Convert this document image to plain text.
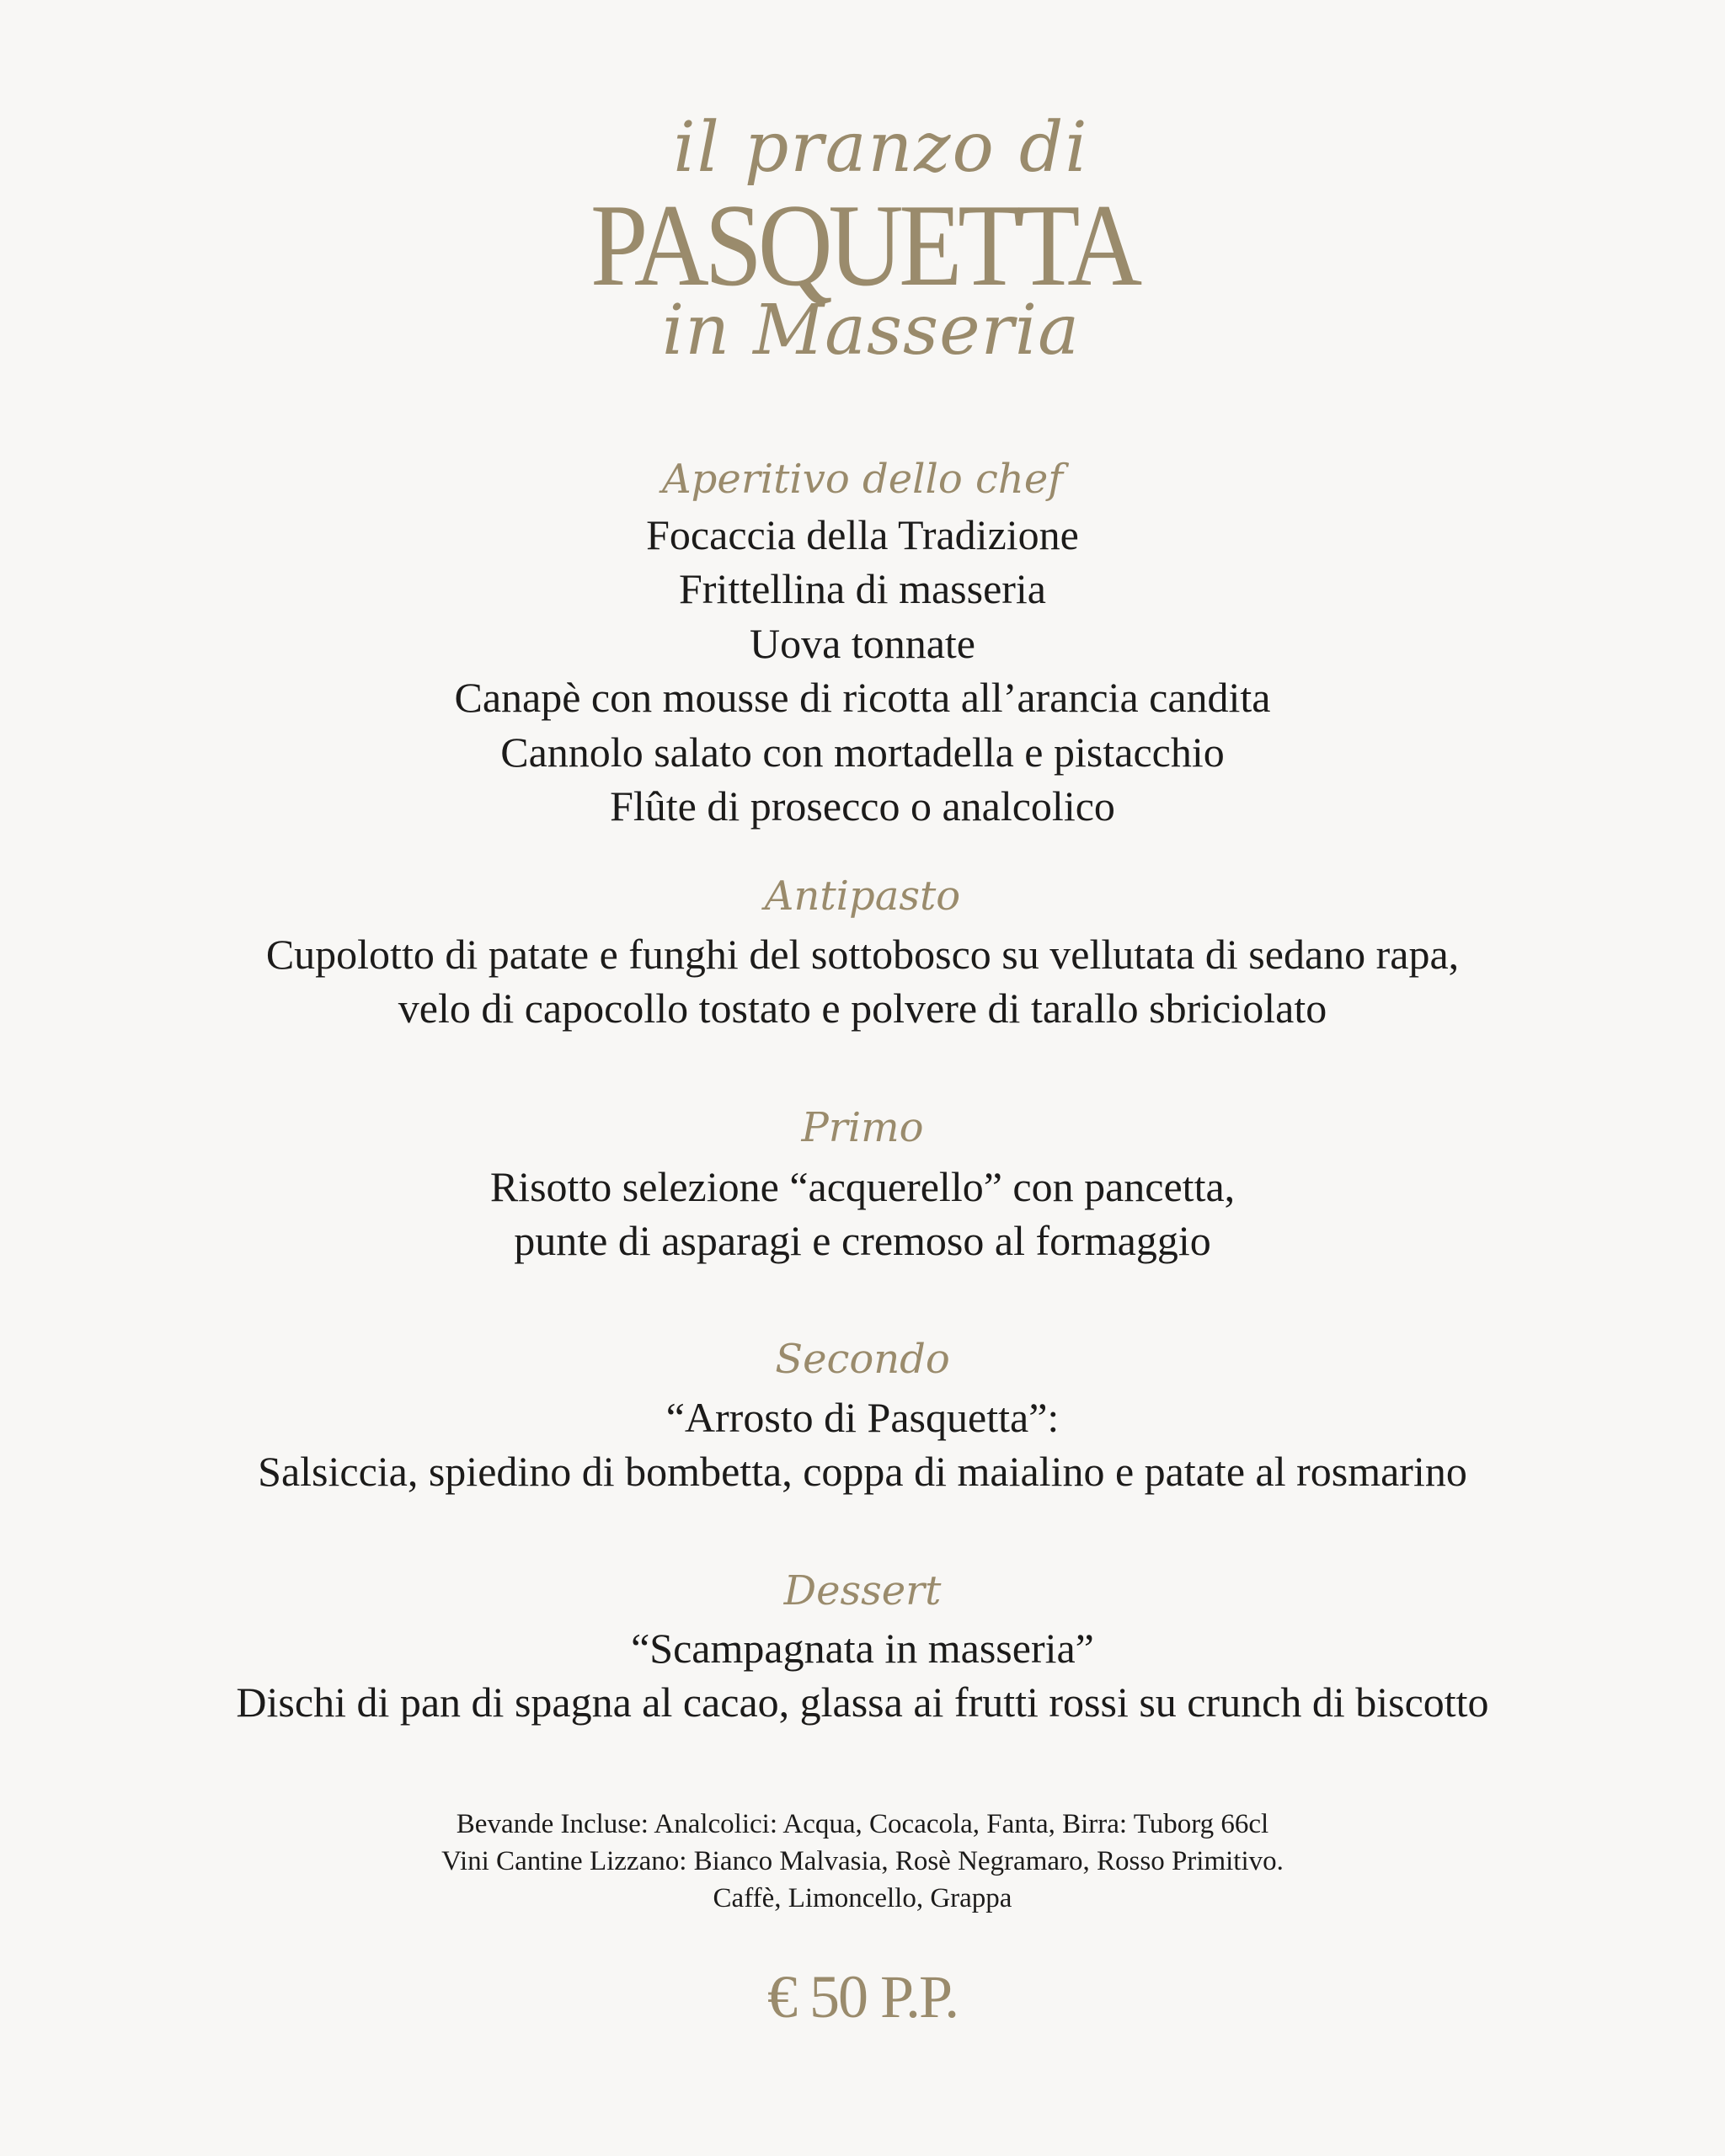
il pranzo di
PASQUETTA
in Masseria
Aperitivo dello chef
Focaccia della Tradizione
Frittellina di masseria
Uova tonnate
Canapè con mousse di ricotta all’arancia candita
Cannolo salato con mortadella e pistacchio
Flûte di prosecco o analcolico
Antipasto
Cupolotto di patate e funghi del sottobosco su vellutata di sedano rapa,
velo di capocollo tostato e polvere di tarallo sbriciolato
Primo
Risotto selezione “acquerello” con pancetta,
punte di asparagi e cremoso al formaggio
Secondo
“Arrosto di Pasquetta”:
Salsiccia, spiedino di bombetta, coppa di maialino e patate al rosmarino
Dessert
“Scampagnata in masseria”
Dischi di pan di spagna al cacao, glassa ai frutti rossi su crunch di biscotto
Bevande Incluse: Analcolici: Acqua, Cocacola, Fanta, Birra: Tuborg 66cl
Vini Cantine Lizzano: Bianco Malvasia, Rosè Negramaro, Rosso Primitivo.
Caffè, Limoncello, Grappa
€ 50 P.P.
